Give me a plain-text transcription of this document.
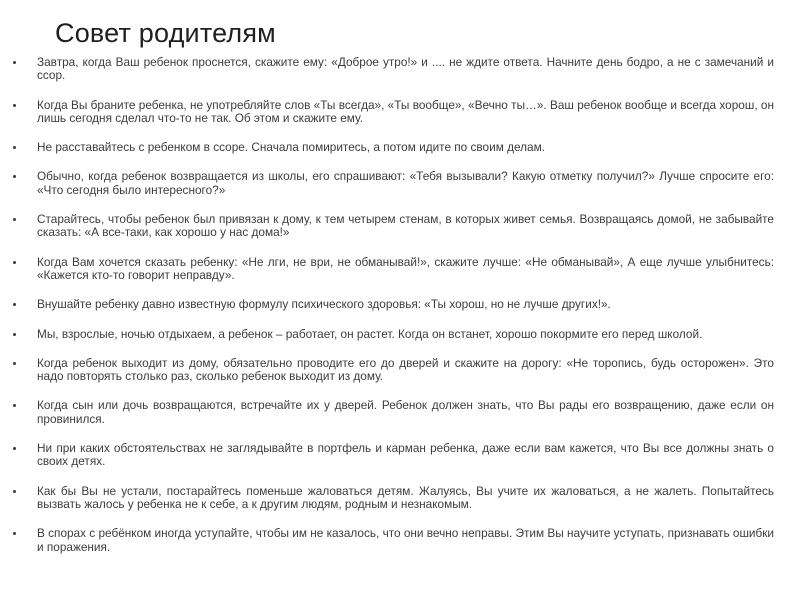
Совет родителям
Завтра, когда Ваш ребенок проснется, скажите ему: «Доброе утро!» и .... не ждите ответа. Начните день бодро, а не с замечаний и ссор.
Когда Вы браните ребенка, не употребляйте слов «Ты всегда», «Ты вообще», «Вечно ты…». Ваш ребенок вообще и всегда хорош, он лишь сегодня сделал что-то не так. Об этом и скажите ему.
Не расставайтесь с ребенком в ссоре. Сначала помиритесь, а потом идите по своим делам.
Обычно, когда ребенок возвращается из школы, его спрашивают: «Тебя вызывали? Какую отметку получил?» Лучше спросите его: «Что сегодня было интересного?»
Старайтесь, чтобы ребенок был привязан к дому, к тем четырем стенам, в которых живет семья. Возвращаясь домой, не забывайте сказать: «А все-таки, как хорошо у нас дома!»
Когда Вам хочется сказать ребенку: «Не лги, не ври, не обманывай!», скажите лучше: «Не обманывай», А еще лучше улыбнитесь: «Кажется кто-то говорит неправду».
Внушайте ребенку давно известную формулу психического здоровья: «Ты хорош, но не лучше других!».
Мы, взрослые, ночью отдыхаем, а ребенок – работает, он растет. Когда он встанет, хорошо покормите его перед школой.
Когда ребенок выходит из дому, обязательно проводите его до дверей и скажите на дорогу: «Не торопись, будь осторожен». Это надо повторять столько раз, сколько ребенок выходит из дому.
Когда сын или дочь возвращаются, встречайте их у дверей. Ребенок должен знать, что Вы рады его возвращению, даже если он провинился.
Ни при каких обстоятельствах не заглядывайте в портфель и карман ребенка, даже если вам кажется, что Вы все должны знать о своих детях.
Как бы Вы не устали, постарайтесь поменьше жаловаться детям. Жалуясь, Вы учите их жаловаться, а не жалеть. Попытайтесь вызвать жалось у ребенка не к себе, а к другим людям, родным и незнакомым.
В спорах с ребёнком иногда уступайте, чтобы им не казалось, что они вечно неправы. Этим Вы научите уступать, признавать ошибки и поражения.
